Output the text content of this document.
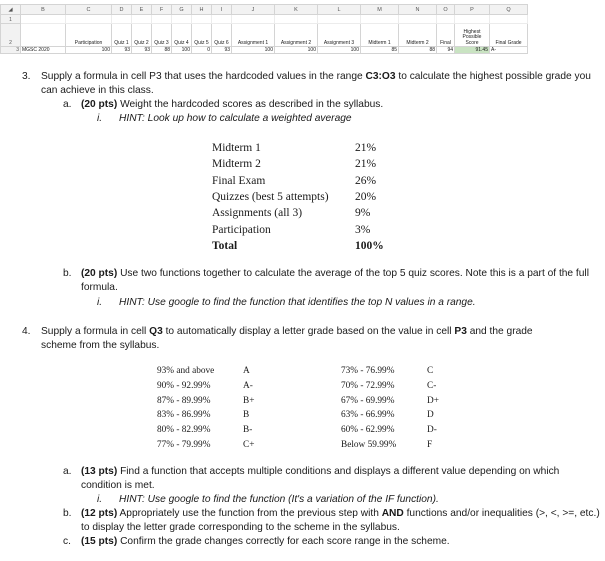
◢	B	C	D	E	F	G	H	I	J	K	L	M	N	O	P	Q
1																
2		Participation	Quiz 1	Quiz 2	Quiz 3	Quiz 4	Quiz 5	Quiz 6	Assignment 1	Assignment 2	Assignment 3	Midterm 1	Midterm 2	Final	Highest Possible Score	Final Grade
3	MGSC 2020	100	93	93	88	100	0	93	100	100	100	85	88	94	91.45	A-
3. Supply a formula in cell P3 that uses the hardcoded values in the range C3:O3 to calculate the highest possible grade you can achieve in this class.
a. (20 pts) Weight the hardcoded scores as described in the syllabus.
i. HINT: Look up how to calculate a weighted average
Midterm 1	21%
Midterm 2	21%
Final Exam	26%
Quizzes (best 5 attempts)	20%
Assignments (all 3)	9%
Participation	3%
Total	100%
b. (20 pts) Use two functions together to calculate the average of the top 5 quiz scores. Note this is a part of the full formula.
i. HINT: Use google to find the function that identifies the top N values in a range.
4. Supply a formula in cell Q3 to automatically display a letter grade based on the value in cell P3 and the grade scheme from the syllabus.
93% and above	A
90% - 92.99%	A-
87% - 89.99%	B+
83% - 86.99%	B
80% - 82.99%	B-
77% - 79.99%	C+
73% - 76.99%	C
70% - 72.99%	C-
67% - 69.99%	D+
63% - 66.99%	D
60% - 62.99%	D-
Below 59.99%	F
a. (13 pts) Find a function that accepts multiple conditions and displays a different value depending on which condition is met.
i. HINT: Use google to find the function (It's a variation of the IF function).
b. (12 pts) Appropriately use the function from the previous step with AND functions and/or inequalities (>, <, >=, etc.) to display the letter grade corresponding to the scheme in the syllabus.
c. (15 pts) Confirm the grade changes correctly for each score range in the scheme.
